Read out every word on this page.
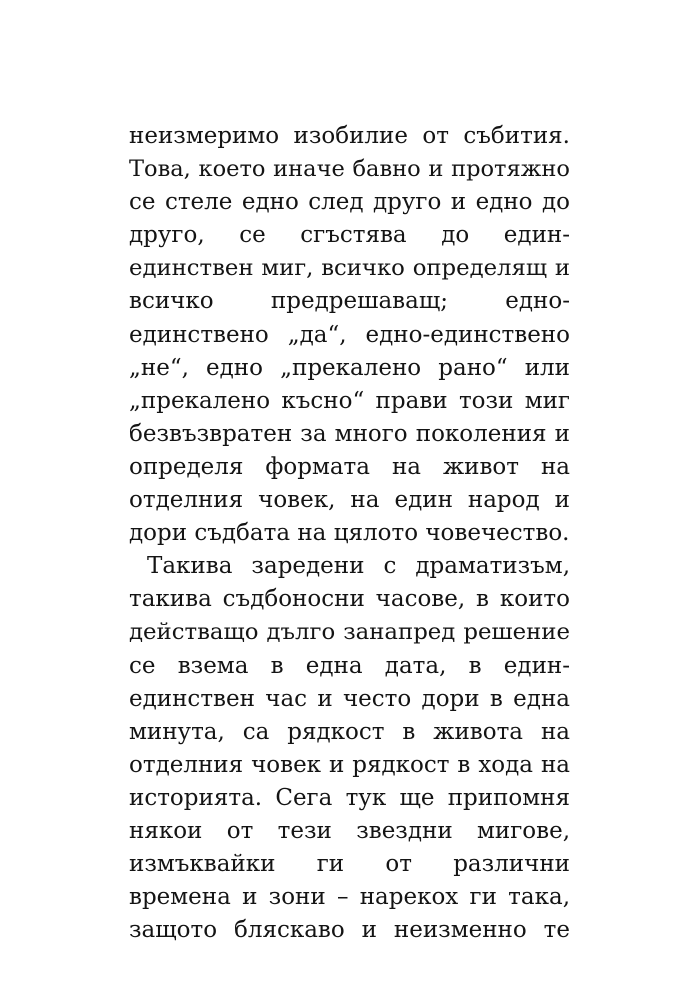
неизмеримо изобилие от събития.
Това, което иначе бавно и протяжно
се стеле едно след друго и едно до
друго, се сгъстява до един-
единствен миг, всичко определящ и
всичко предрешаващ; едно-
единствено „да“, едно-единствено
„не“, едно „прекалено рано“ или
„прекалено късно“ прави този миг
безвъзвратен за много поколения и
определя формата на живот на
отделния човек, на един народ и
дори съдбата на цялото човечество.
Такива заредени с драматизъм,
такива съдбоносни часове, в които
действащо дълго занапред решение
се взема в една дата, в един-
единствен час и често дори в една
минута, са рядкост в живота на
отделния човек и рядкост в хода на
историята. Сега тук ще припомня
някои от тези звездни мигове,
измъквайки ги от различни
времена и зони – нарекох ги така,
защото бляскаво и неизменно те
